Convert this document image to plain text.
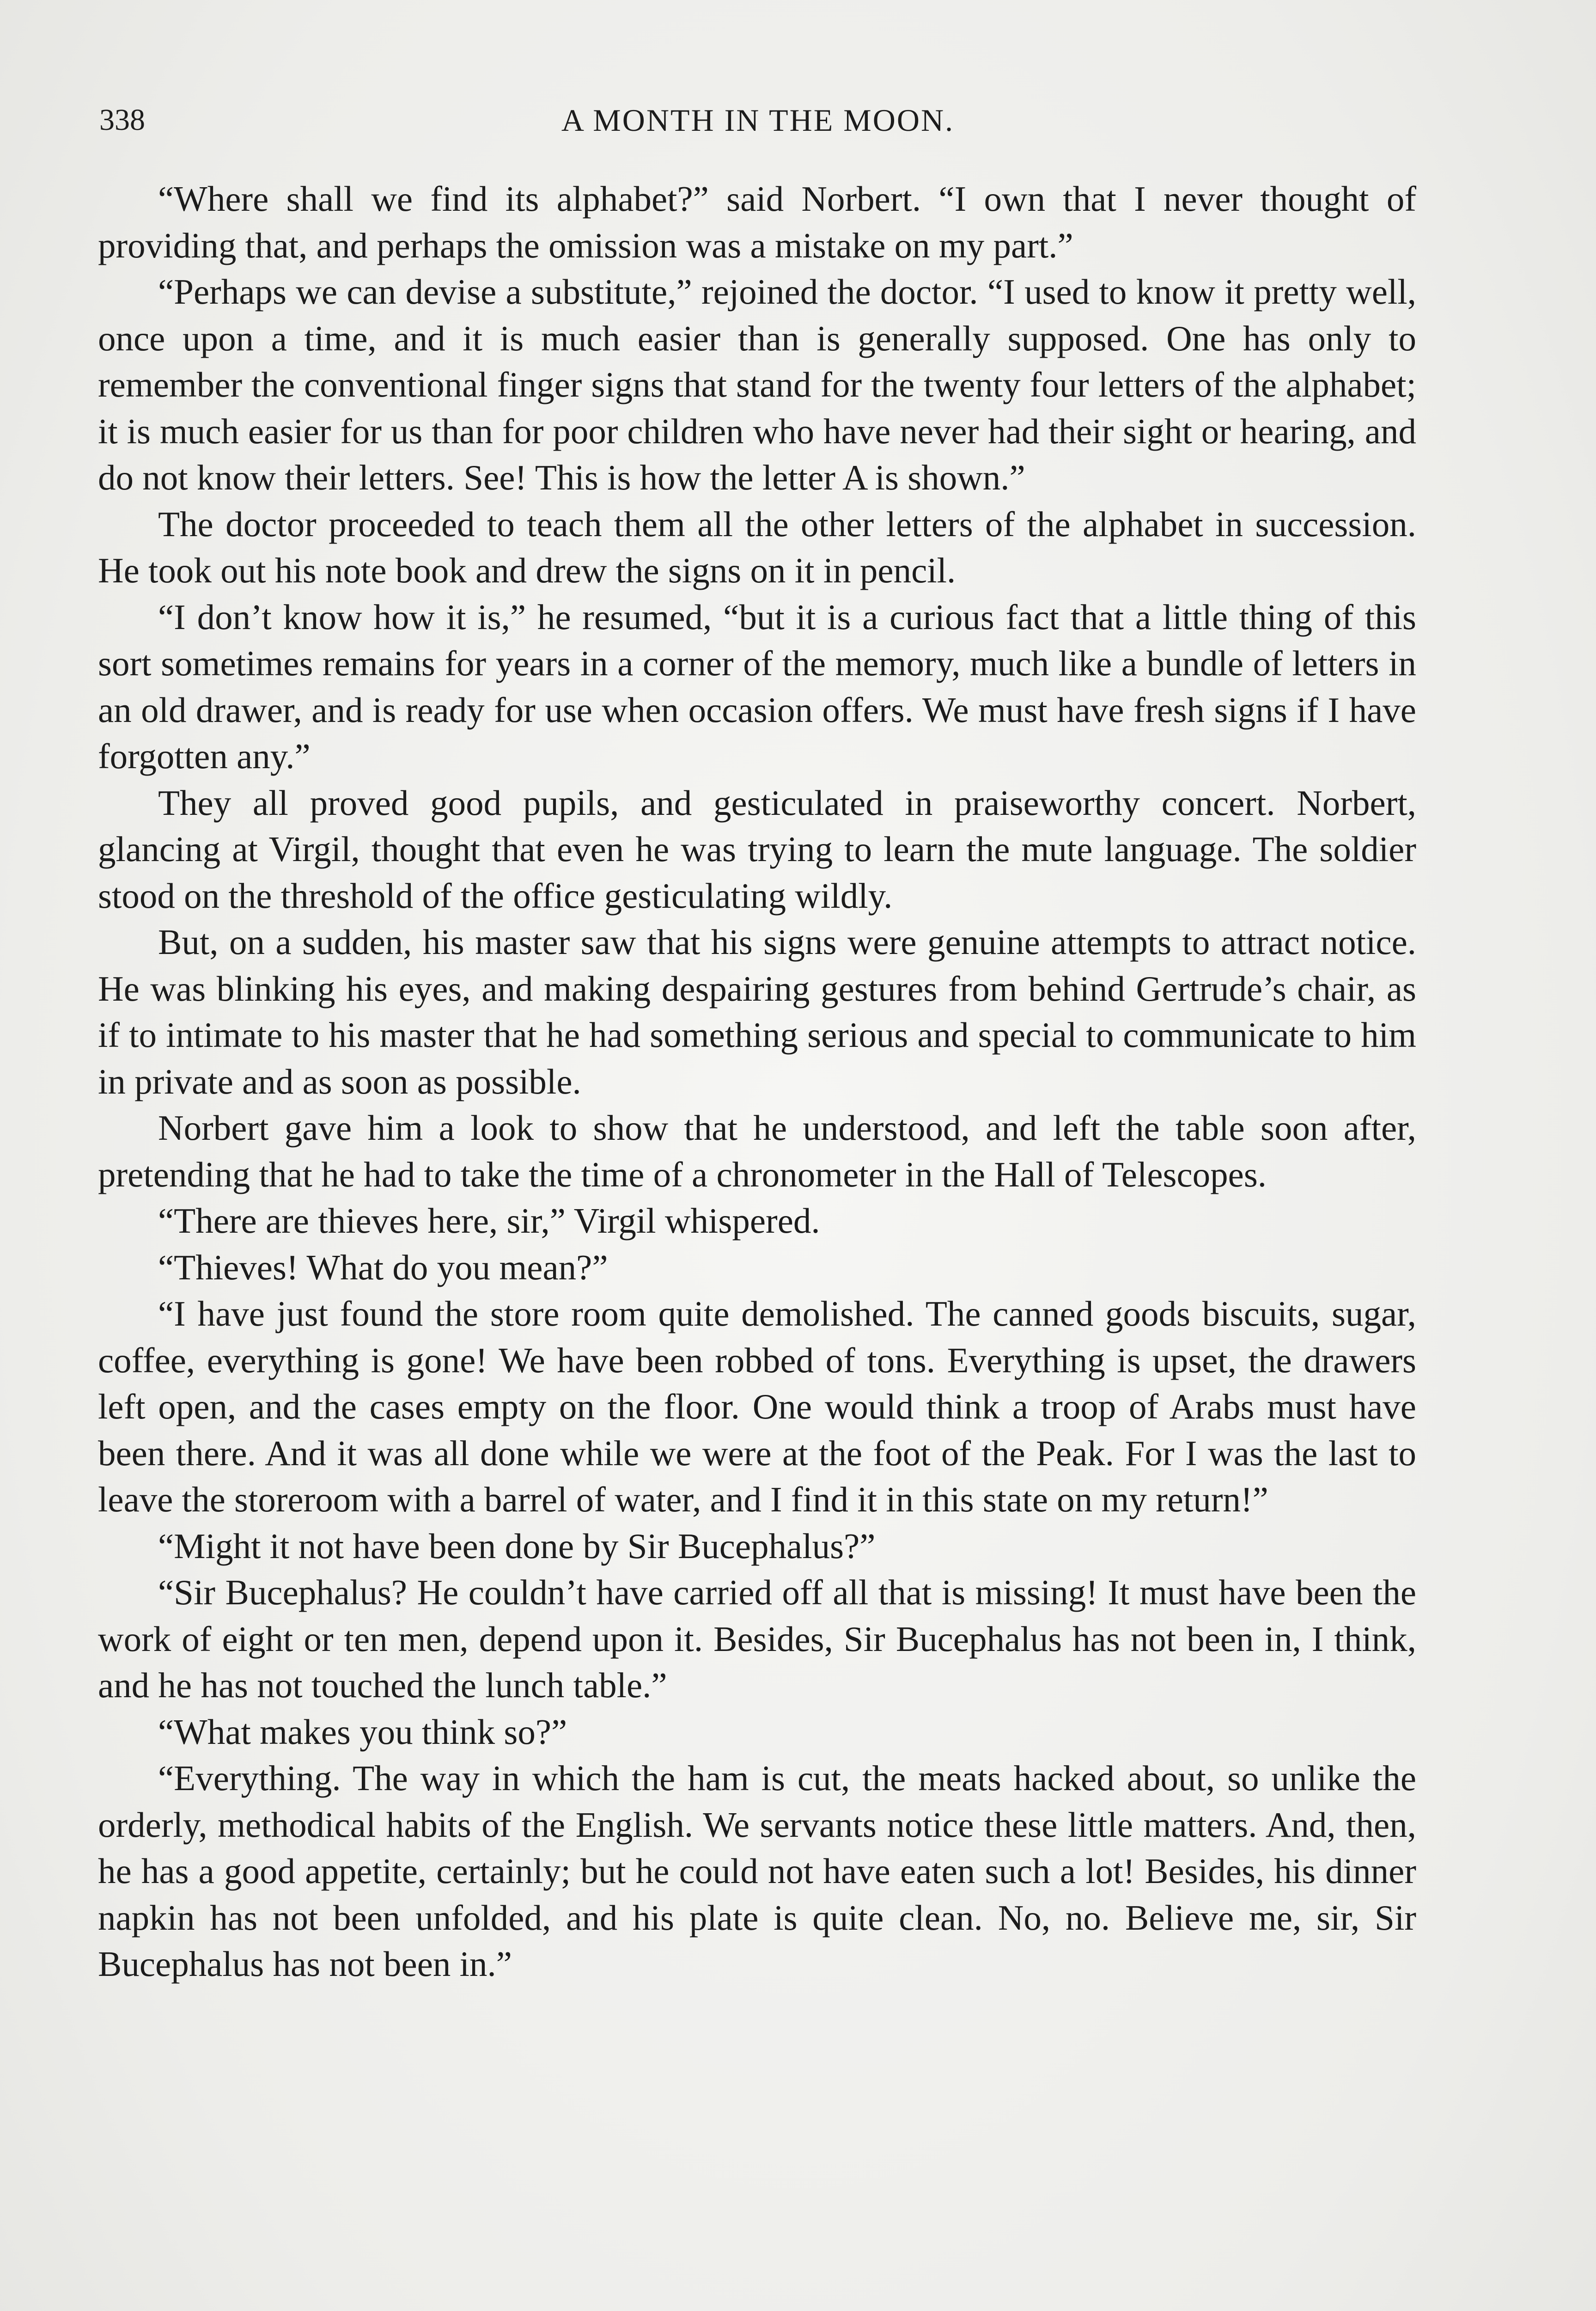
338	A MONTH IN THE MOON.

“Where shall we find its alphabet?” said Norbert. “I own that I never thought of providing that, and perhaps the omission was a mistake on my part.”

“Perhaps we can devise a substitute,” rejoined the doctor. “I used to know it pretty well, once upon a time, and it is much easier than is generally supposed. One has only to remember the conventional finger signs that stand for the twenty four letters of the alphabet; it is much easier for us than for poor children who have never had their sight or hearing, and do not know their letters. See! This is how the letter A is shown.”

The doctor proceeded to teach them all the other letters of the alphabet in succession. He took out his note book and drew the signs on it in pencil.

“I don’t know how it is,” he resumed, “but it is a curious fact that a little thing of this sort sometimes remains for years in a corner of the memory, much like a bundle of letters in an old drawer, and is ready for use when occasion offers. We must have fresh signs if I have forgotten any.”

They all proved good pupils, and gesticulated in praiseworthy concert. Norbert, glancing at Virgil, thought that even he was trying to learn the mute language. The soldier stood on the threshold of the office gesticulating wildly.

But, on a sudden, his master saw that his signs were genuine attempts to attract notice. He was blinking his eyes, and making despairing gestures from behind Gertrude’s chair, as if to intimate to his master that he had something serious and special to communicate to him in private and as soon as possible.

Norbert gave him a look to show that he understood, and left the table soon after, pretending that he had to take the time of a chronometer in the Hall of Telescopes.

“There are thieves here, sir,” Virgil whispered.

“Thieves! What do you mean?”

“I have just found the store room quite demolished. The canned goods biscuits, sugar, coffee, everything is gone! We have been robbed of tons. Everything is upset, the drawers left open, and the cases empty on the floor. One would think a troop of Arabs must have been there. And it was all done while we were at the foot of the Peak. For I was the last to leave the storeroom with a barrel of water, and I find it in this state on my return!”

“Might it not have been done by Sir Bucephalus?”

“Sir Bucephalus? He couldn’t have carried off all that is missing! It must have been the work of eight or ten men, depend upon it. Besides, Sir Bucephalus has not been in, I think, and he has not touched the lunch table.”

“What makes you think so?”

“Everything. The way in which the ham is cut, the meats hacked about, so unlike the orderly, methodical habits of the English. We servants notice these little matters. And, then, he has a good appetite, certainly; but he could not have eaten such a lot! Besides, his dinner napkin has not been unfolded, and his plate is quite clean. No, no. Believe me, sir, Sir Bucephalus has not been in.”
